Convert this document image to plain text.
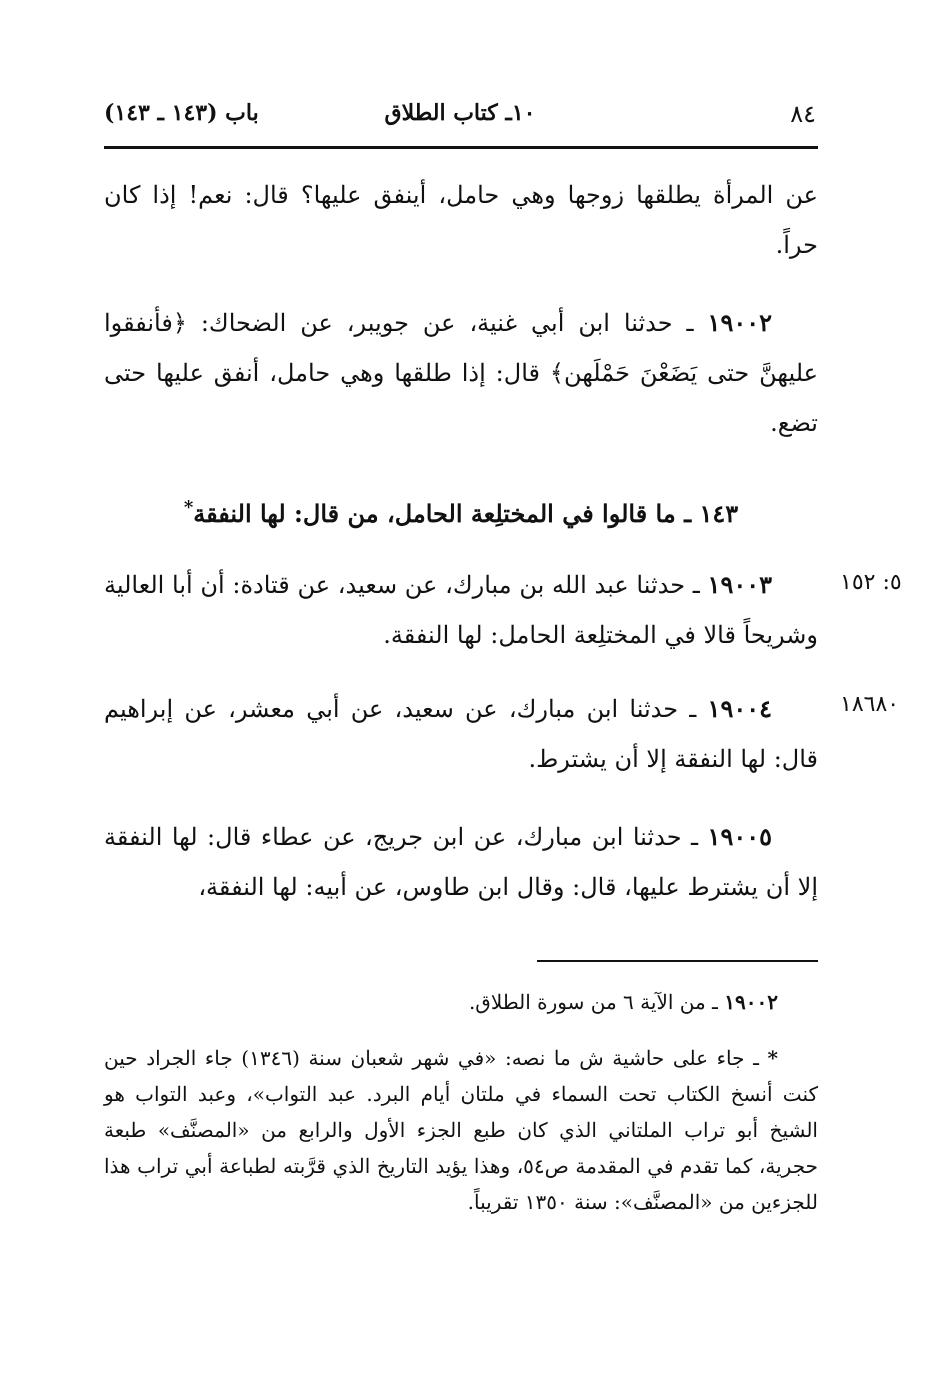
٨٤
١٠ـ كتاب الطلاق
باب (١٤٣ ـ ١٤٣)

عن المرأة يطلقها زوجها وهي حامل، أينفق عليها؟ قال: نعم! إذا كان حراً.

١٩٠٠٢ ـ حدثنا ابن أبي غنية، عن جويبر، عن الضحاك: ﴿فأنفقوا عليهنَّ حتى يَضَعْنَ حَمْلَهن﴾ قال: إذا طلقها وهي حامل، أنفق عليها حتى تضع.

١٤٣ ـ ما قالوا في المختلِعة الحامل، من قال: لها النفقة*
٥: ١٥٢

١٩٠٠٣ ـ حدثنا عبد الله بن مبارك، عن سعيد، عن قتادة: أن أبا العالية وشريحاً قالا في المختلِعة الحامل: لها النفقة.

١٨٦٨٠

١٩٠٠٤ ـ حدثنا ابن مبارك، عن سعيد، عن أبي معشر، عن إبراهيم قال: لها النفقة إلا أن يشترط.

١٩٠٠٥ ـ حدثنا ابن مبارك، عن ابن جريج، عن عطاء قال: لها النفقة إلا أن يشترط عليها، قال: وقال ابن طاوس، عن أبيه: لها النفقة،

١٩٠٠٢ ـ من الآية ٦ من سورة الطلاق.

* ـ جاء على حاشية ش ما نصه: «في شهر شعبان سنة (١٣٤٦) جاء الجراد حين كنت أنسخ الكتاب تحت السماء في ملتان أيام البرد. عبد التواب»، وعبد التواب هو الشيخ أبو تراب الملتاني الذي كان طبع الجزء الأول والرابع من «المصنَّف» طبعة حجرية، كما تقدم في المقدمة ص٥٤، وهذا يؤيد التاريخ الذي قرَّبته لطباعة أبي تراب هذا للجزءين من «المصنَّف»: سنة ١٣٥٠ تقريباً.
